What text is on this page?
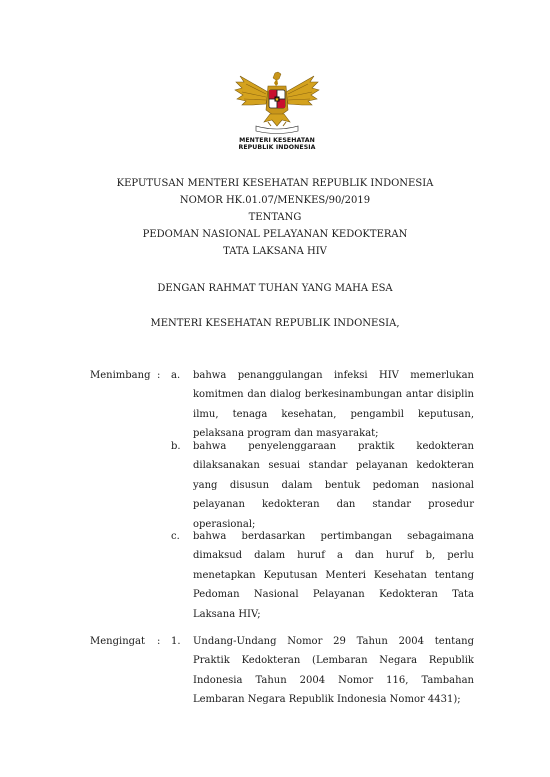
MENTERI KESEHATAN
REPUBLIK INDONESIA
KEPUTUSAN MENTERI KESEHATAN REPUBLIK INDONESIA
NOMOR HK.01.07/MENKES/90/2019
TENTANG
PEDOMAN NASIONAL PELAYANAN KEDOKTERAN
TATA LAKSANA HIV
DENGAN RAHMAT TUHAN YANG MAHA ESA
MENTERI KESEHATAN REPUBLIK INDONESIA,
Menimbang : a. bahwa penanggulangan infeksi HIV memerlukan komitmen dan dialog berkesinambungan antar disiplin ilmu, tenaga kesehatan, pengambil keputusan, pelaksana program dan masyarakat;
b. bahwa penyelenggaraan praktik kedokteran dilaksanakan sesuai standar pelayanan kedokteran yang disusun dalam bentuk pedoman nasional pelayanan kedokteran dan standar prosedur operasional;
c. bahwa berdasarkan pertimbangan sebagaimana dimaksud dalam huruf a dan huruf b, perlu menetapkan Keputusan Menteri Kesehatan tentang Pedoman Nasional Pelayanan Kedokteran Tata Laksana HIV;
Mengingat : 1. Undang-Undang Nomor 29 Tahun 2004 tentang Praktik Kedokteran (Lembaran Negara Republik Indonesia Tahun 2004 Nomor 116, Tambahan Lembaran Negara Republik Indonesia Nomor 4431);
